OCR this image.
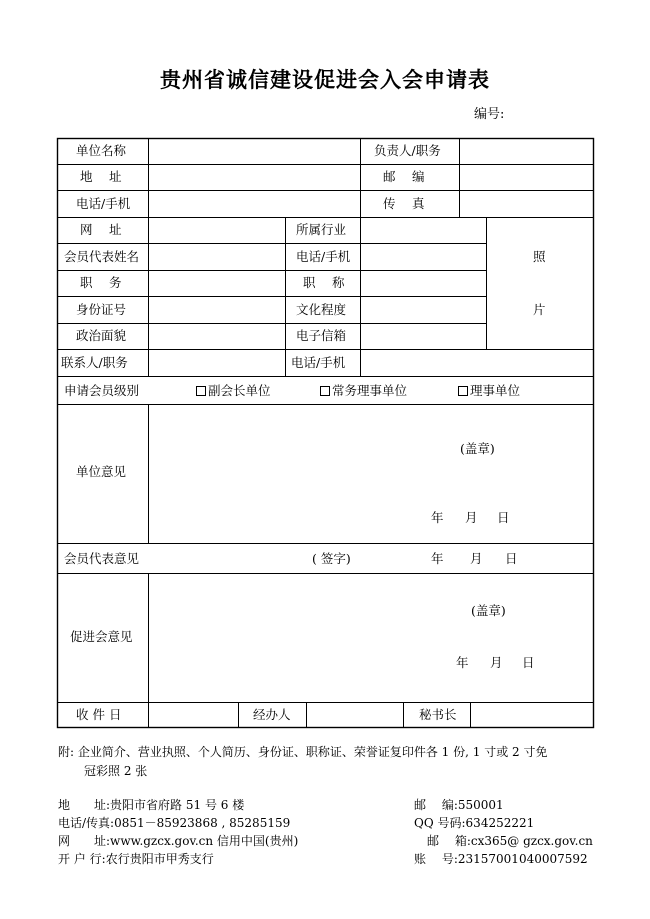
贵州省诚信建设促进会入会申请表
编号:
单位名称	负责人/职务
地　 址	邮　 编
电话/手机	传　 真
网　 址	所属行业
会员代表姓名	电话/手机
职　 务	职　 称
身份证号	文化程度
政治面貌	电子信箱
照
片
联系人/职务	电话/手机
申请会员级别	副会长单位	常务理事单位	理事单位
单位意见
(盖章)
年 月 日
会员代表意见	( 签字)	年 月 日
促进会意见
(盖章)
年 月 日
收 件 日	经办人	秘书长
附: 企业简介、营业执照、个人简历、身份证、职称证、荣誉证复印件各 1 份, 1 寸或 2 寸免
冠彩照 2 张
地　　址:贵阳市省府路 51 号 6 楼	邮　 编:550001
电话/传真:0851－85923868 , 85285159	QQ 号码:634252221
网　　址:www.gzcx.gov.cn 信用中国(贵州)	邮　 箱:cx365@ gzcx.gov.cn
开 户 行:农行贵阳市甲秀支行	账　 号:23157001040007592
